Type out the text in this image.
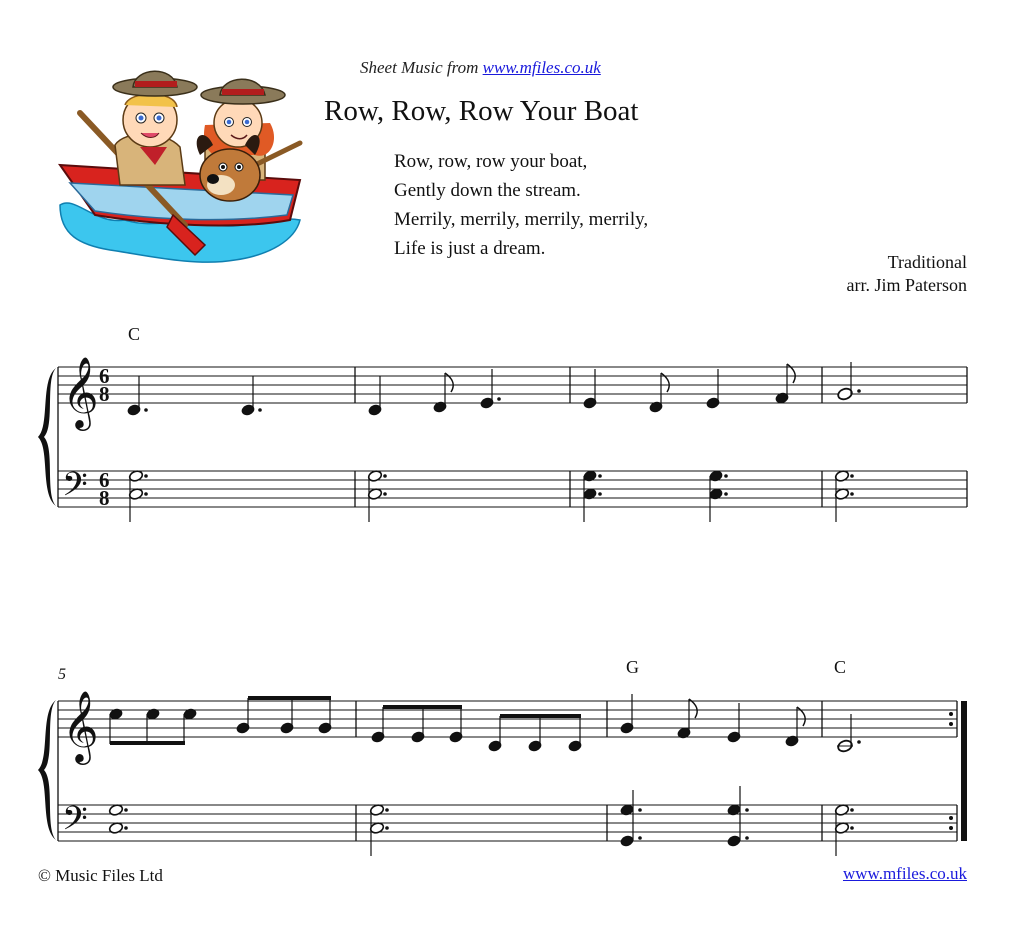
Sheet Music from www.mfiles.co.uk
Row, Row, Row Your Boat
Row, row, row your boat,
Gently down the stream.
Merrily, merrily, merrily, merrily,
Life is just a dream.
Traditional
arr. Jim Paterson
C
𝄞
𝄢
6
8
6
8
5	G	C
𝄞
𝄢
© Music Files Ltd	www.mfiles.co.uk
